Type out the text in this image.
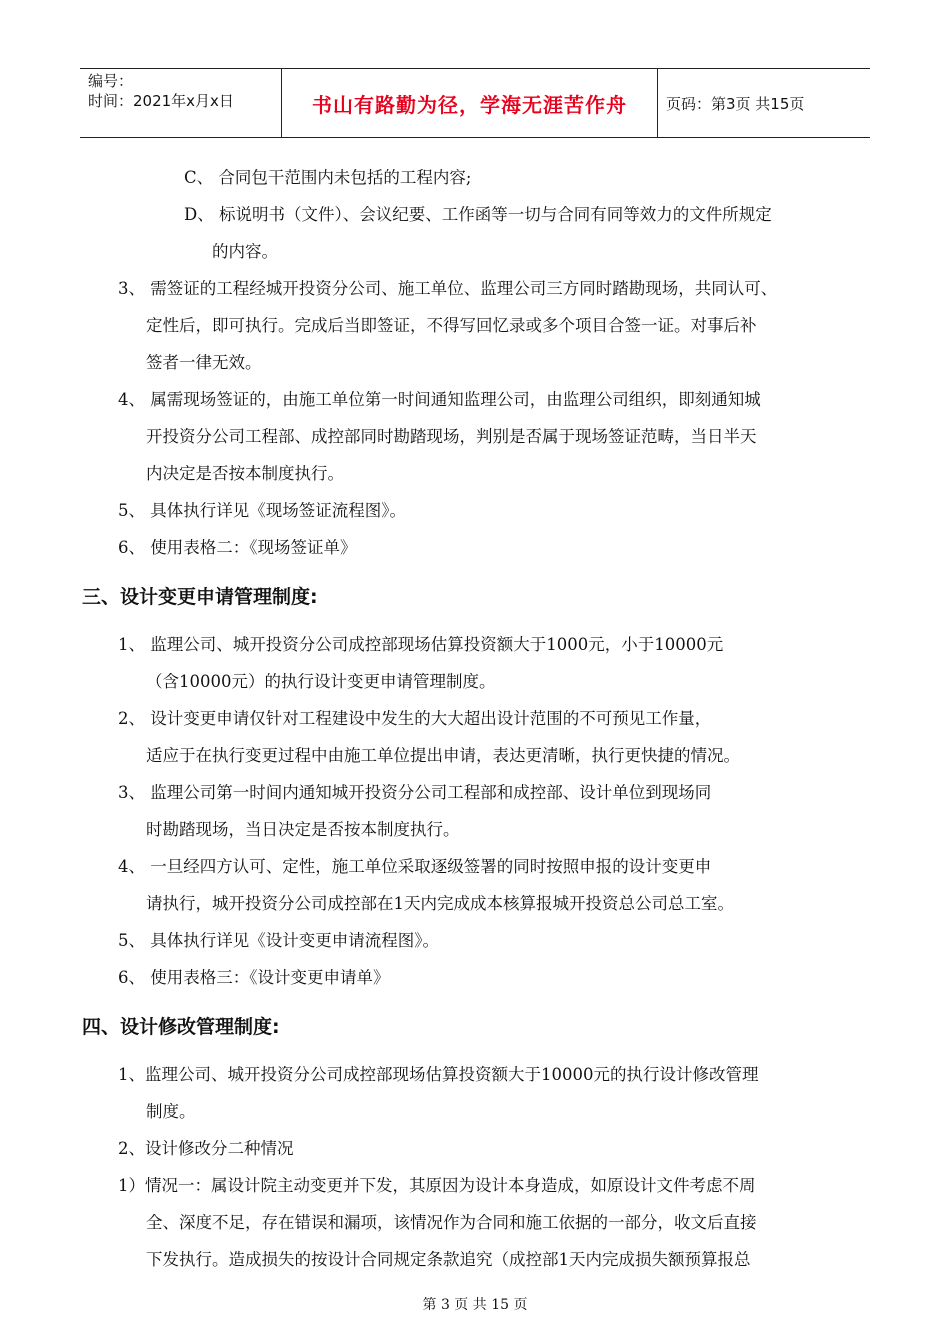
编号：
时间：2021年x月x日	书山有路勤为径，学海无涯苦作舟	页码：第3页 共15页
C、 合同包干范围内未包括的工程内容;
D、 标说明书（文件）、会议纪要、工作函等一切与合同有同等效力的文件所规定
的内容。
3、 需签证的工程经城开投资分公司、施工单位、监理公司三方同时踏勘现场，共同认可、
定性后，即可执行。完成后当即签证，不得写回忆录或多个项目合签一证。对事后补
签者一律无效。
4、 属需现场签证的，由施工单位第一时间通知监理公司，由监理公司组织，即刻通知城
开投资分公司工程部、成控部同时勘踏现场，判别是否属于现场签证范畴，当日半天
内决定是否按本制度执行。
5、 具体执行详见《现场签证流程图》。
6、 使用表格二：《现场签证单》
三、设计变更申请管理制度:
1、 监理公司、城开投资分公司成控部现场估算投资额大于1000元，小于10000元
（含10000元）的执行设计变更申请管理制度。
2、 设计变更申请仅针对工程建设中发生的大大超出设计范围的不可预见工作量，
适应于在执行变更过程中由施工单位提出申请，表达更清晰，执行更快捷的情况。
3、 监理公司第一时间内通知城开投资分公司工程部和成控部、设计单位到现场同
时勘踏现场，当日决定是否按本制度执行。
4、 一旦经四方认可、定性，施工单位采取逐级签署的同时按照申报的设计变更申
请执行，城开投资分公司成控部在1天内完成成本核算报城开投资总公司总工室。
5、 具体执行详见《设计变更申请流程图》。
6、 使用表格三：《设计变更申请单》
四、设计修改管理制度:
1、监理公司、城开投资分公司成控部现场估算投资额大于10000元的执行设计修改管理
制度。
2、设计修改分二种情况
1）情况一：属设计院主动变更并下发，其原因为设计本身造成，如原设计文件考虑不周
全、深度不足，存在错误和漏项，该情况作为合同和施工依据的一部分，收文后直接
下发执行。造成损失的按设计合同规定条款追究（成控部1天内完成损失额预算报总
第 3 页 共 15 页
